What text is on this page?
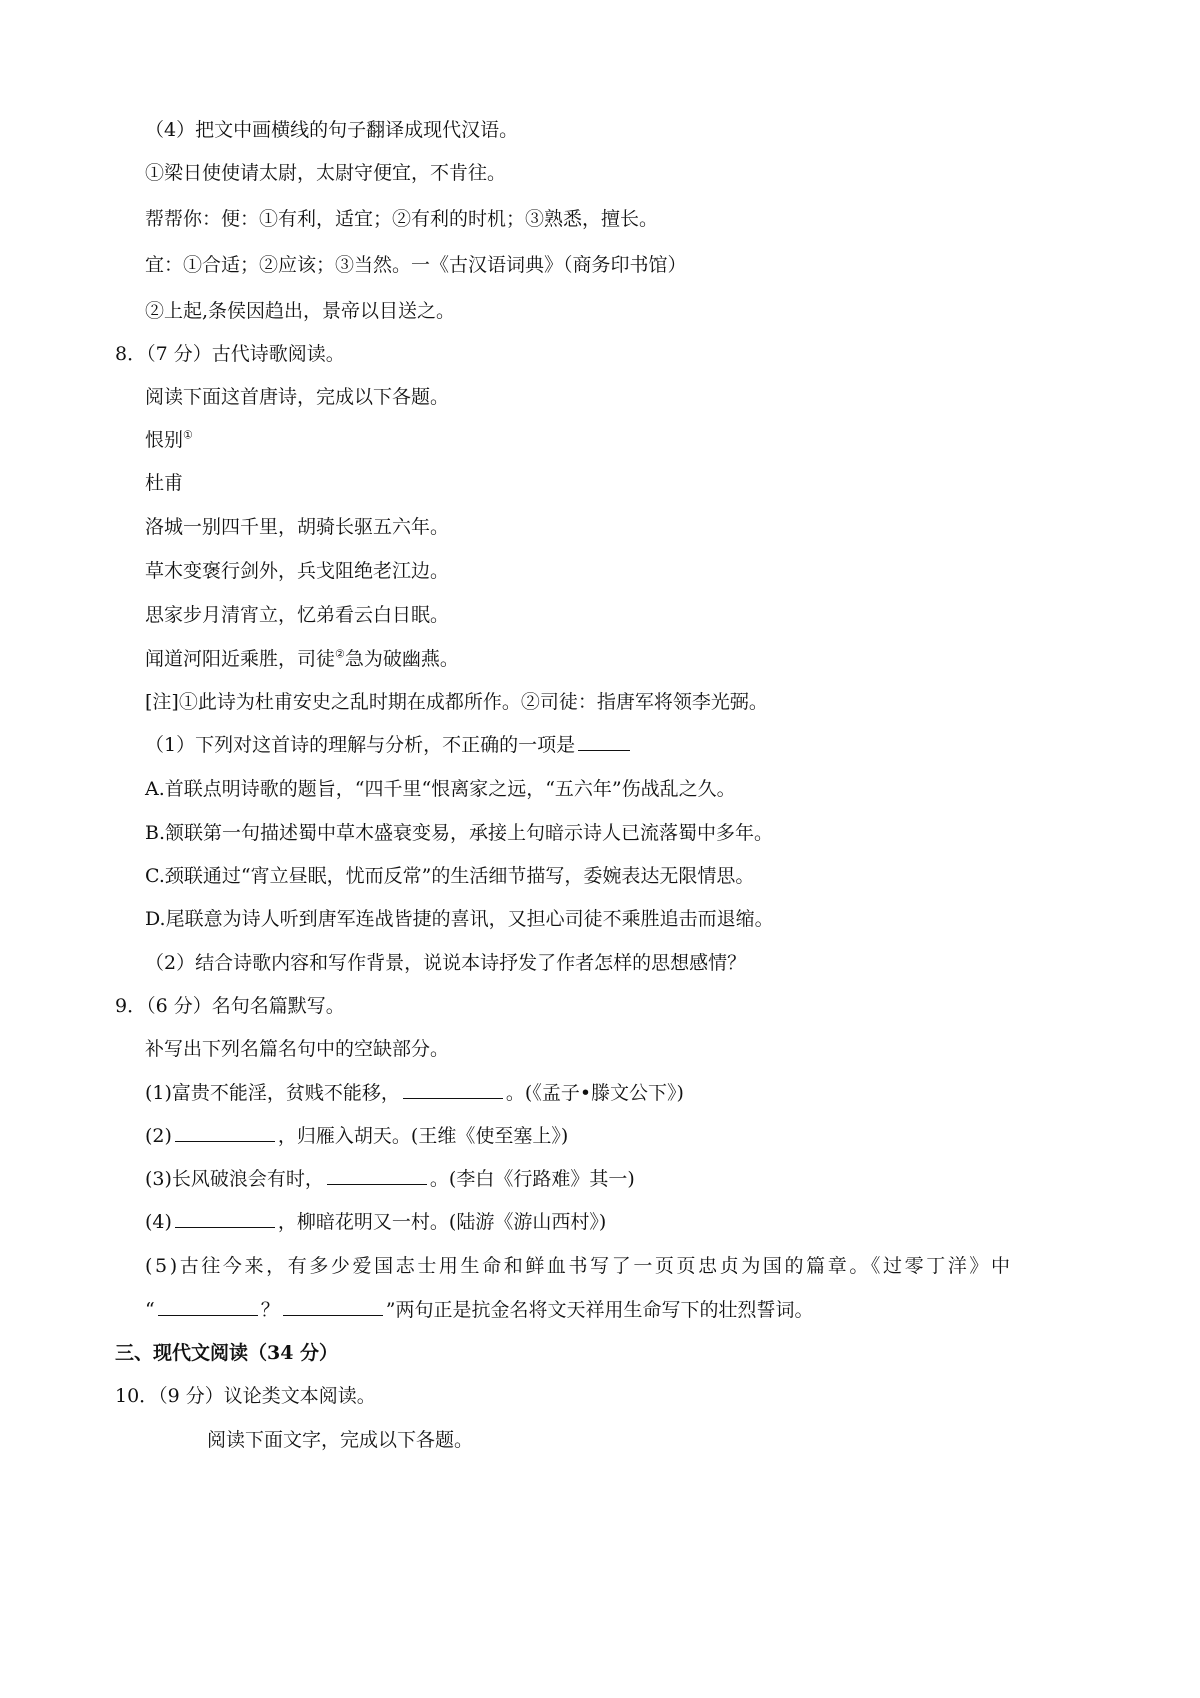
（4）把文中画横线的句子翻译成现代汉语。
①梁日使使请太尉，太尉守便宜，不肯往。
帮帮你：便：①有利，适宜；②有利的时机；③熟悉，擅长。
宜：①合适；②应该；③当然。一《古汉语词典》（商务印书馆）
②上起,条侯因趋出，景帝以目送之。
8．（7 分）古代诗歌阅读。
阅读下面这首唐诗，完成以下各题。
恨别①
杜甫
洛城一别四千里，胡骑长驱五六年。
草木变褒行剑外，兵戈阻绝老江边。
思家步月清宵立，忆弟看云白日眠。
闻道河阳近乘胜，司徒②急为破幽燕。
[注]①此诗为杜甫安史之乱时期在成都所作。②司徒：指唐军将领李光弼。
（1）下列对这首诗的理解与分析，不正确的一项是
A.首联点明诗歌的题旨，“四千里“恨离家之远，“五六年”伤战乱之久。
B.颔联第一句描述蜀中草木盛衰变易，承接上句暗示诗人已流落蜀中多年。
C.颈联通过“宵立昼眠，忧而反常”的生活细节描写，委婉表达无限情思。
D.尾联意为诗人听到唐军连战皆捷的喜讯，又担心司徒不乘胜追击而退缩。
（2）结合诗歌内容和写作背景，说说本诗抒发了作者怎样的思想感情？
9．（6 分）名句名篇默写。
补写出下列名篇名句中的空缺部分。
(1)富贵不能淫，贫贱不能移，	。(《孟子•滕文公下》)
(2)	，归雁入胡天。(王维《使至塞上》)
(3)长风破浪会有时，	。(李白《行路难》其一)
(4)	，柳暗花明又一村。(陆游《游山西村》)
(5)古往今来，有多少爱国志士用生命和鲜血书写了一页页忠贞为国的篇章。《过零丁洋》中
“	？	”两句正是抗金名将文天祥用生命写下的壮烈誓词。
三、现代文阅读（34 分）
10．（9 分）议论类文本阅读。
阅读下面文字，完成以下各题。
